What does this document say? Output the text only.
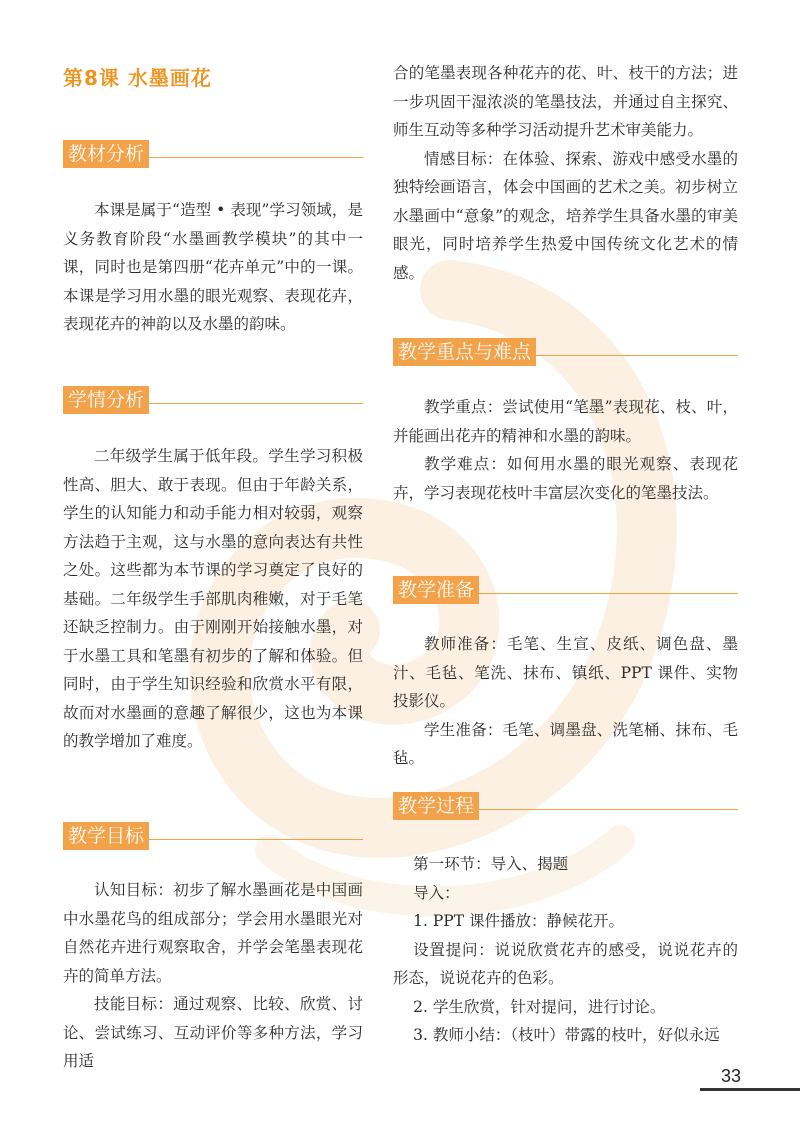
第8课 水墨画花
教材分析

本课是属于“造型 • 表现”学习领域，是义务教育阶段“水墨画教学模块”的其中一课，同时也是第四册“花卉单元”中的一课。本课是学习用水墨的眼光观察、表现花卉，表现花卉的神韵以及水墨的韵味。

学情分析

二年级学生属于低年段。学生学习积极性高、胆大、敢于表现。但由于年龄关系，学生的认知能力和动手能力相对较弱，观察方法趋于主观，这与水墨的意向表达有共性之处。这些都为本节课的学习奠定了良好的基础。二年级学生手部肌肉稚嫩，对于毛笔还缺乏控制力。由于刚刚开始接触水墨，对于水墨工具和笔墨有初步的了解和体验。但同时，由于学生知识经验和欣赏水平有限，故而对水墨画的意趣了解很少，这也为本课的教学增加了难度。

教学目标

认知目标：初步了解水墨画花是中国画中水墨花鸟的组成部分；学会用水墨眼光对自然花卉进行观察取舍，并学会笔墨表现花卉的简单方法。

技能目标：通过观察、比较、欣赏、讨论、尝试练习、互动评价等多种方法，学习用适

合的笔墨表现各种花卉的花、叶、枝干的方法；进一步巩固干湿浓淡的笔墨技法，并通过自主探究、师生互动等多种学习活动提升艺术审美能力。

情感目标：在体验、探索、游戏中感受水墨的独特绘画语言，体会中国画的艺术之美。初步树立水墨画中“意象”的观念，培养学生具备水墨的审美眼光，同时培养学生热爱中国传统文化艺术的情感。

教学重点与难点

教学重点：尝试使用“笔墨”表现花、枝、叶，并能画出花卉的精神和水墨的韵味。

教学难点：如何用水墨的眼光观察、表现花卉，学习表现花枝叶丰富层次变化的笔墨技法。

教学准备

教师准备：毛笔、生宣、皮纸、调色盘、墨汁、毛毡、笔洗、抹布、镇纸、PPT 课件、实物投影仪。

学生准备：毛笔、调墨盘、洗笔桶、抹布、毛毡。

教学过程

第一环节：导入、揭题

导入：

1. PPT 课件播放：静候花开。

设置提问：说说欣赏花卉的感受，说说花卉的形态，说说花卉的色彩。

2. 学生欣赏，针对提问，进行讨论。

3. 教师小结：（枝叶）带露的枝叶，好似永远

33
